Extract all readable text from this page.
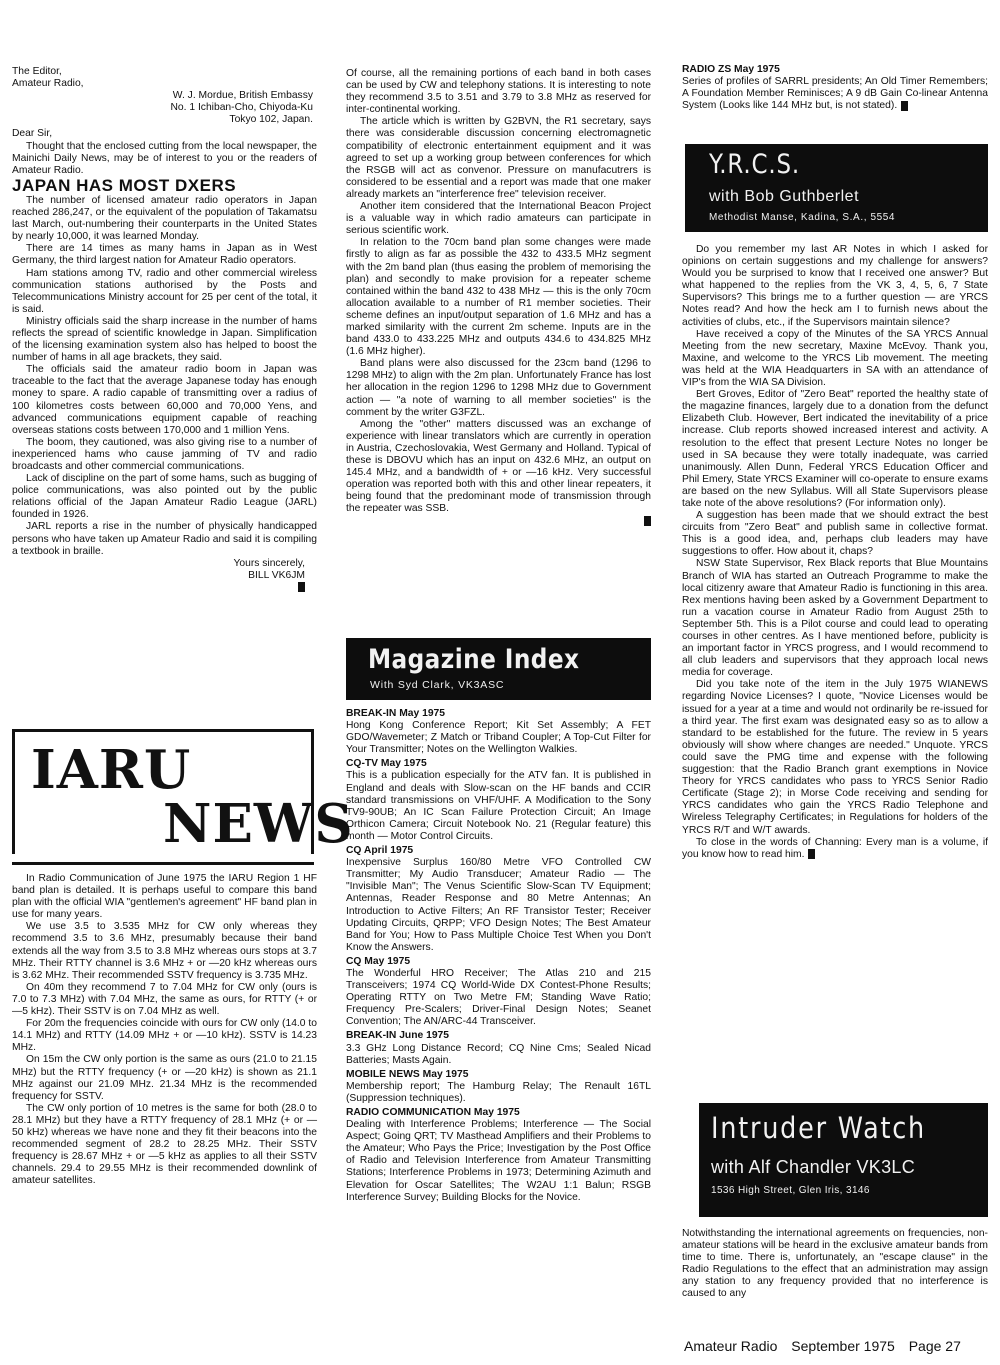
The Editor,

Amateur Radio,

W. J. Mordue, British Embassy

No. 1 Ichiban-Cho, Chiyoda-Ku

Tokyo 102, Japan.

Dear Sir,

Thought that the enclosed cutting from the local newspaper, the Mainichi Daily News, may be of interest to you or the readers of Amateur Radio.

JAPAN HAS MOST DXERS

The number of licensed amateur radio operators in Japan reached 286,247, or the equivalent of the population of Takamatsu last March, out-numbering their counterparts in the United States by nearly 10,000, it was learned Monday.

There are 14 times as many hams in Japan as in West Germany, the third largest nation for Amateur Radio operators.

Ham stations among TV, radio and other commercial wireless communication stations authorised by the Posts and Telecommunications Ministry account for 25 per cent of the total, it is said.

Ministry officials said the sharp increase in the number of hams reflects the spread of scientific knowledge in Japan. Simplification of the licensing examination system also has helped to boost the number of hams in all age brackets, they said.

The officials said the amateur radio boom in Japan was traceable to the fact that the average Japanese today has enough money to spare. A radio capable of transmitting over a radius of 100 kilometres costs between 60,000 and 70,000 Yens, and advanced communications equipment capable of reaching overseas stations costs between 170,000 and 1 million Yens.

The boom, they cautioned, was also giving rise to a number of inexperienced hams who cause jamming of TV and radio broadcasts and other commercial communications.

Lack of discipline on the part of some hams, such as bugging of police communications, was also pointed out by the public relations official of the Japan Amateur Radio League (JARL) founded in 1926.

JARL reports a rise in the number of physically handicapped persons who have taken up Amateur Radio and said it is compiling a textbook in braille.

Yours sincerely,

BILL VK6JM

In Radio Communication of June 1975 the IARU Region 1 HF band plan is detailed. It is perhaps useful to compare this band plan with the official WIA "gentlemen's agreement" HF band plan in use for many years.

We use 3.5 to 3.535 MHz for CW only whereas they recommend 3.5 to 3.6 MHz, presumably because their band extends all the way from 3.5 to 3.8 MHz whereas ours stops at 3.7 MHz. Their RTTY channel is 3.6 MHz + or —20 kHz whereas ours is 3.62 MHz. Their recommended SSTV frequency is 3.735 MHz.

On 40m they recommend 7 to 7.04 MHz for CW only (ours is 7.0 to 7.3 MHz) with 7.04 MHz, the same as ours, for RTTY (+ or —5 kHz). Their SSTV is on 7.04 MHz as well.

For 20m the frequencies coincide with ours for CW only (14.0 to 14.1 MHz) and RTTY (14.09 MHz + or —10 kHz). SSTV is 14.23 MHz.

On 15m the CW only portion is the same as ours (21.0 to 21.15 MHz) but the RTTY frequency (+ or —20 kHz) is shown as 21.1 MHz against our 21.09 MHz. 21.34 MHz is the recommended frequency for SSTV.

The CW only portion of 10 metres is the same for both (28.0 to 28.1 MHz) but they have a RTTY frequency of 28.1 MHz (+ or —50 kHz) whereas we have none and they fit their beacons into the recommended segment of 28.2 to 28.25 MHz. Their SSTV frequency is 28.67 MHz + or —5 kHz as applies to all their SSTV channels. 29.4 to 29.55 MHz is their recommended downlink of amateur satellites.

IARU
NEWS

Of course, all the remaining portions of each band in both cases can be used by CW and telephony stations. It is interesting to note they recommend 3.5 to 3.51 and 3.79 to 3.8 MHz as reserved for inter-continental working.

The article which is written by G2BVN, the R1 secretary, says there was considerable discussion concerning electromagnetic compatibility of electronic entertainment equipment and it was agreed to set up a working group between conferences for which the RSGB will act as convenor. Pressure on manufacutrers is considered to be essential and a report was made that one maker already markets an "interference free" television receiver.

Another item considered that the International Beacon Project is a valuable way in which radio amateurs can participate in serious scientific work.

In relation to the 70cm band plan some changes were made firstly to align as far as possible the 432 to 433.5 MHz segment with the 2m band plan (thus easing the problem of memorising the plan) and secondly to make provision for a repeater scheme contained within the band 432 to 438 MHz — this is the only 70cm allocation available to a number of R1 member societies. Their scheme defines an input/output separation of 1.6 MHz and has a marked similarity with the current 2m scheme. Inputs are in the band 433.0 to 433.225 MHz and outputs 434.6 to 434.825 MHz (1.6 MHz higher).

Band plans were also discussed for the 23cm band (1296 to 1298 MHz) to align with the 2m plan. Unfortunately France has lost her allocation in the region 1296 to 1298 MHz due to Government action — "a note of warning to all member societies" is the comment by the writer G3FZL.

Among the "other" matters discussed was an exchange of experience with linear translators which are currently in operation in Austria, Czechoslovakia, West Germany and Holland. Typical of these is DBOVU which has an input on 432.6 MHz, an output on 145.4 MHz, and a bandwidth of + or —16 kHz. Very successful operation was reported both with this and other linear repeaters, it being found that the predominant mode of transmission through the repeater was SSB.

BREAK-IN May 1975

Hong Kong Conference Report; Kit Set Assembly; A FET GDO/Wavemeter; Z Match or Triband Coupler; A Top-Cut Filter for Your Transmitter; Notes on the Wellington Walkies.

CQ-TV May 1975

This is a publication especially for the ATV fan. It is published in England and deals with Slow-scan on the HF bands and CCIR standard transmissions on VHF/UHF. A Modification to the Sony TV9-90UB; An IC Scan Failure Protection Circuit; An Image Orthicon Camera; Circuit Notebook No. 21 (Regular feature) this month — Motor Control Circuits.

CQ April 1975

Inexpensive Surplus 160/80 Metre VFO Controlled CW Transmitter; My Audio Transducer; Amateur Radio — The "Invisible Man"; The Venus Scientific Slow-Scan TV Equipment; Antennas, Reader Response and 80 Metre Antennas; An Introduction to Active Filters; An RF Transistor Tester; Receiver Updating Circuits, QRPP; VFO Design Notes; The Best Amateur Band for You; How to Pass Multiple Choice Test When you Don't Know the Answers.

CQ May 1975

The Wonderful HRO Receiver; The Atlas 210 and 215 Transceivers; 1974 CQ World-Wide DX Contest-Phone Results; Operating RTTY on Two Metre FM; Standing Wave Ratio; Frequency Pre-Scalers; Driver-Final Design Notes; Seanet Convention; The AN/ARC-44 Transceiver.

BREAK-IN June 1975

3.3 GHz Long Distance Record; CQ Nine Cms; Sealed Nicad Batteries; Masts Again.

MOBILE NEWS May 1975

Membership report; The Hamburg Relay; The Renault 16TL (Suppression techniques).

RADIO COMMUNICATION May 1975

Dealing with Interference Problems; Interference — The Social Aspect; Going QRT; TV Masthead Amplifiers and their Problems to the Amateur; Who Pays the Price; Investigation by the Post Office of Radio and Television Interference from Amateur Transmitting Stations; Interference Problems in 1973; Determining Azimuth and Elevation for Oscar Satellites; The W2AU 1:1 Balun; RSGB Interference Survey; Building Blocks for the Novice.

Magazine Index
With Syd Clark, VK3ASC

RADIO ZS May 1975

Series of profiles of SARRL presidents; An Old Timer Remembers; A Foundation Member Reminisces; A 9 dB Gain Co-linear Antenna System (Looks like 144 MHz but, is not stated).

Do you remember my last AR Notes in which I asked for opinions on certain suggestions and my challenge for answers? Would you be surprised to know that I received one answer? But what happened to the replies from the VK 3, 4, 5, 6, 7 State Supervisors? This brings me to a further question — are YRCS Notes read? And how the heck am I to furnish news about the activities of clubs, etc., if the Supervisors maintain silence?

Have received a copy of the Minutes of the SA YRCS Annual Meeting from the new secretary, Maxine McEvoy. Thank you, Maxine, and welcome to the YRCS Lib movement. The meeting was held at the WIA Headquarters in SA with an attendance of VIP's from the WIA SA Division.

Bert Groves, Editor of "Zero Beat" reported the healthy state of the magazine finances, largely due to a donation from the defunct Elizabeth Club. However, Bert indicated the inevitability of a price increase. Club reports showed increased interest and activity. A resolution to the effect that present Lecture Notes no longer be used in SA because they were totally inadequate, was carried unanimously. Allen Dunn, Federal YRCS Education Officer and Phil Emery, State YRCS Examiner will co-operate to ensure exams are based on the new Syllabus. Will all State Supervisors please take note of the above resolutions? (For information only).

A suggestion has been made that we should extract the best circuits from "Zero Beat" and publish same in collective format. This is a good idea, and, perhaps club leaders may have suggestions to offer. How about it, chaps?

NSW State Supervisor, Rex Black reports that Blue Mountains Branch of WIA has started an Outreach Programme to make the local citizenry aware that Amateur Radio is functioning in this area. Rex mentions having been asked by a Government Department to run a vacation course in Amateur Radio from August 25th to September 5th. This is a Pilot course and could lead to operating courses in other centres. As I have mentioned before, publicity is an important factor in YRCS progress, and I would recommend to all club leaders and supervisors that they approach local news media for coverage.

Did you take note of the item in the July 1975 WIANEWS regarding Novice Licenses? I quote, "Novice Licenses would be issued for a year at a time and would not ordinarily be re-issued for a third year. The first exam was designated easy so as to allow a standard to be established for the future. The review in 5 years obviously will show where changes are needed." Unquote. YRCS could save the PMG time and expense with the following suggestion: that the Radio Branch grant exemptions in Novice Theory for YRCS candidates who pass to YRCS Senior Radio Certificate (Stage 2); in Morse Code receiving and sending for YRCS candidates who gain the YRCS Radio Telephone and Wireless Telegraphy Certificates; in Regulations for holders of the YRCS R/T and W/T awards.

To close in the words of Channing: Every man is a volume, if you know how to read him.

Notwithstanding the international agreements on frequencies, non-amateur stations will be heard in the exclusive amateur bands from time to time. There is, unfortunately, an "escape clause" in the Radio Regulations to the effect that an administration may assign any station to any frequency provided that no interference is caused to any

Y.R.C.S.
with Bob Guthberlet
Methodist Manse, Kadina, S.A., 5554
Intruder Watch
with Alf Chandler VK3LC
1536 High Street, Glen Iris, 3146
Amateur Radio September 1975 Page 27
